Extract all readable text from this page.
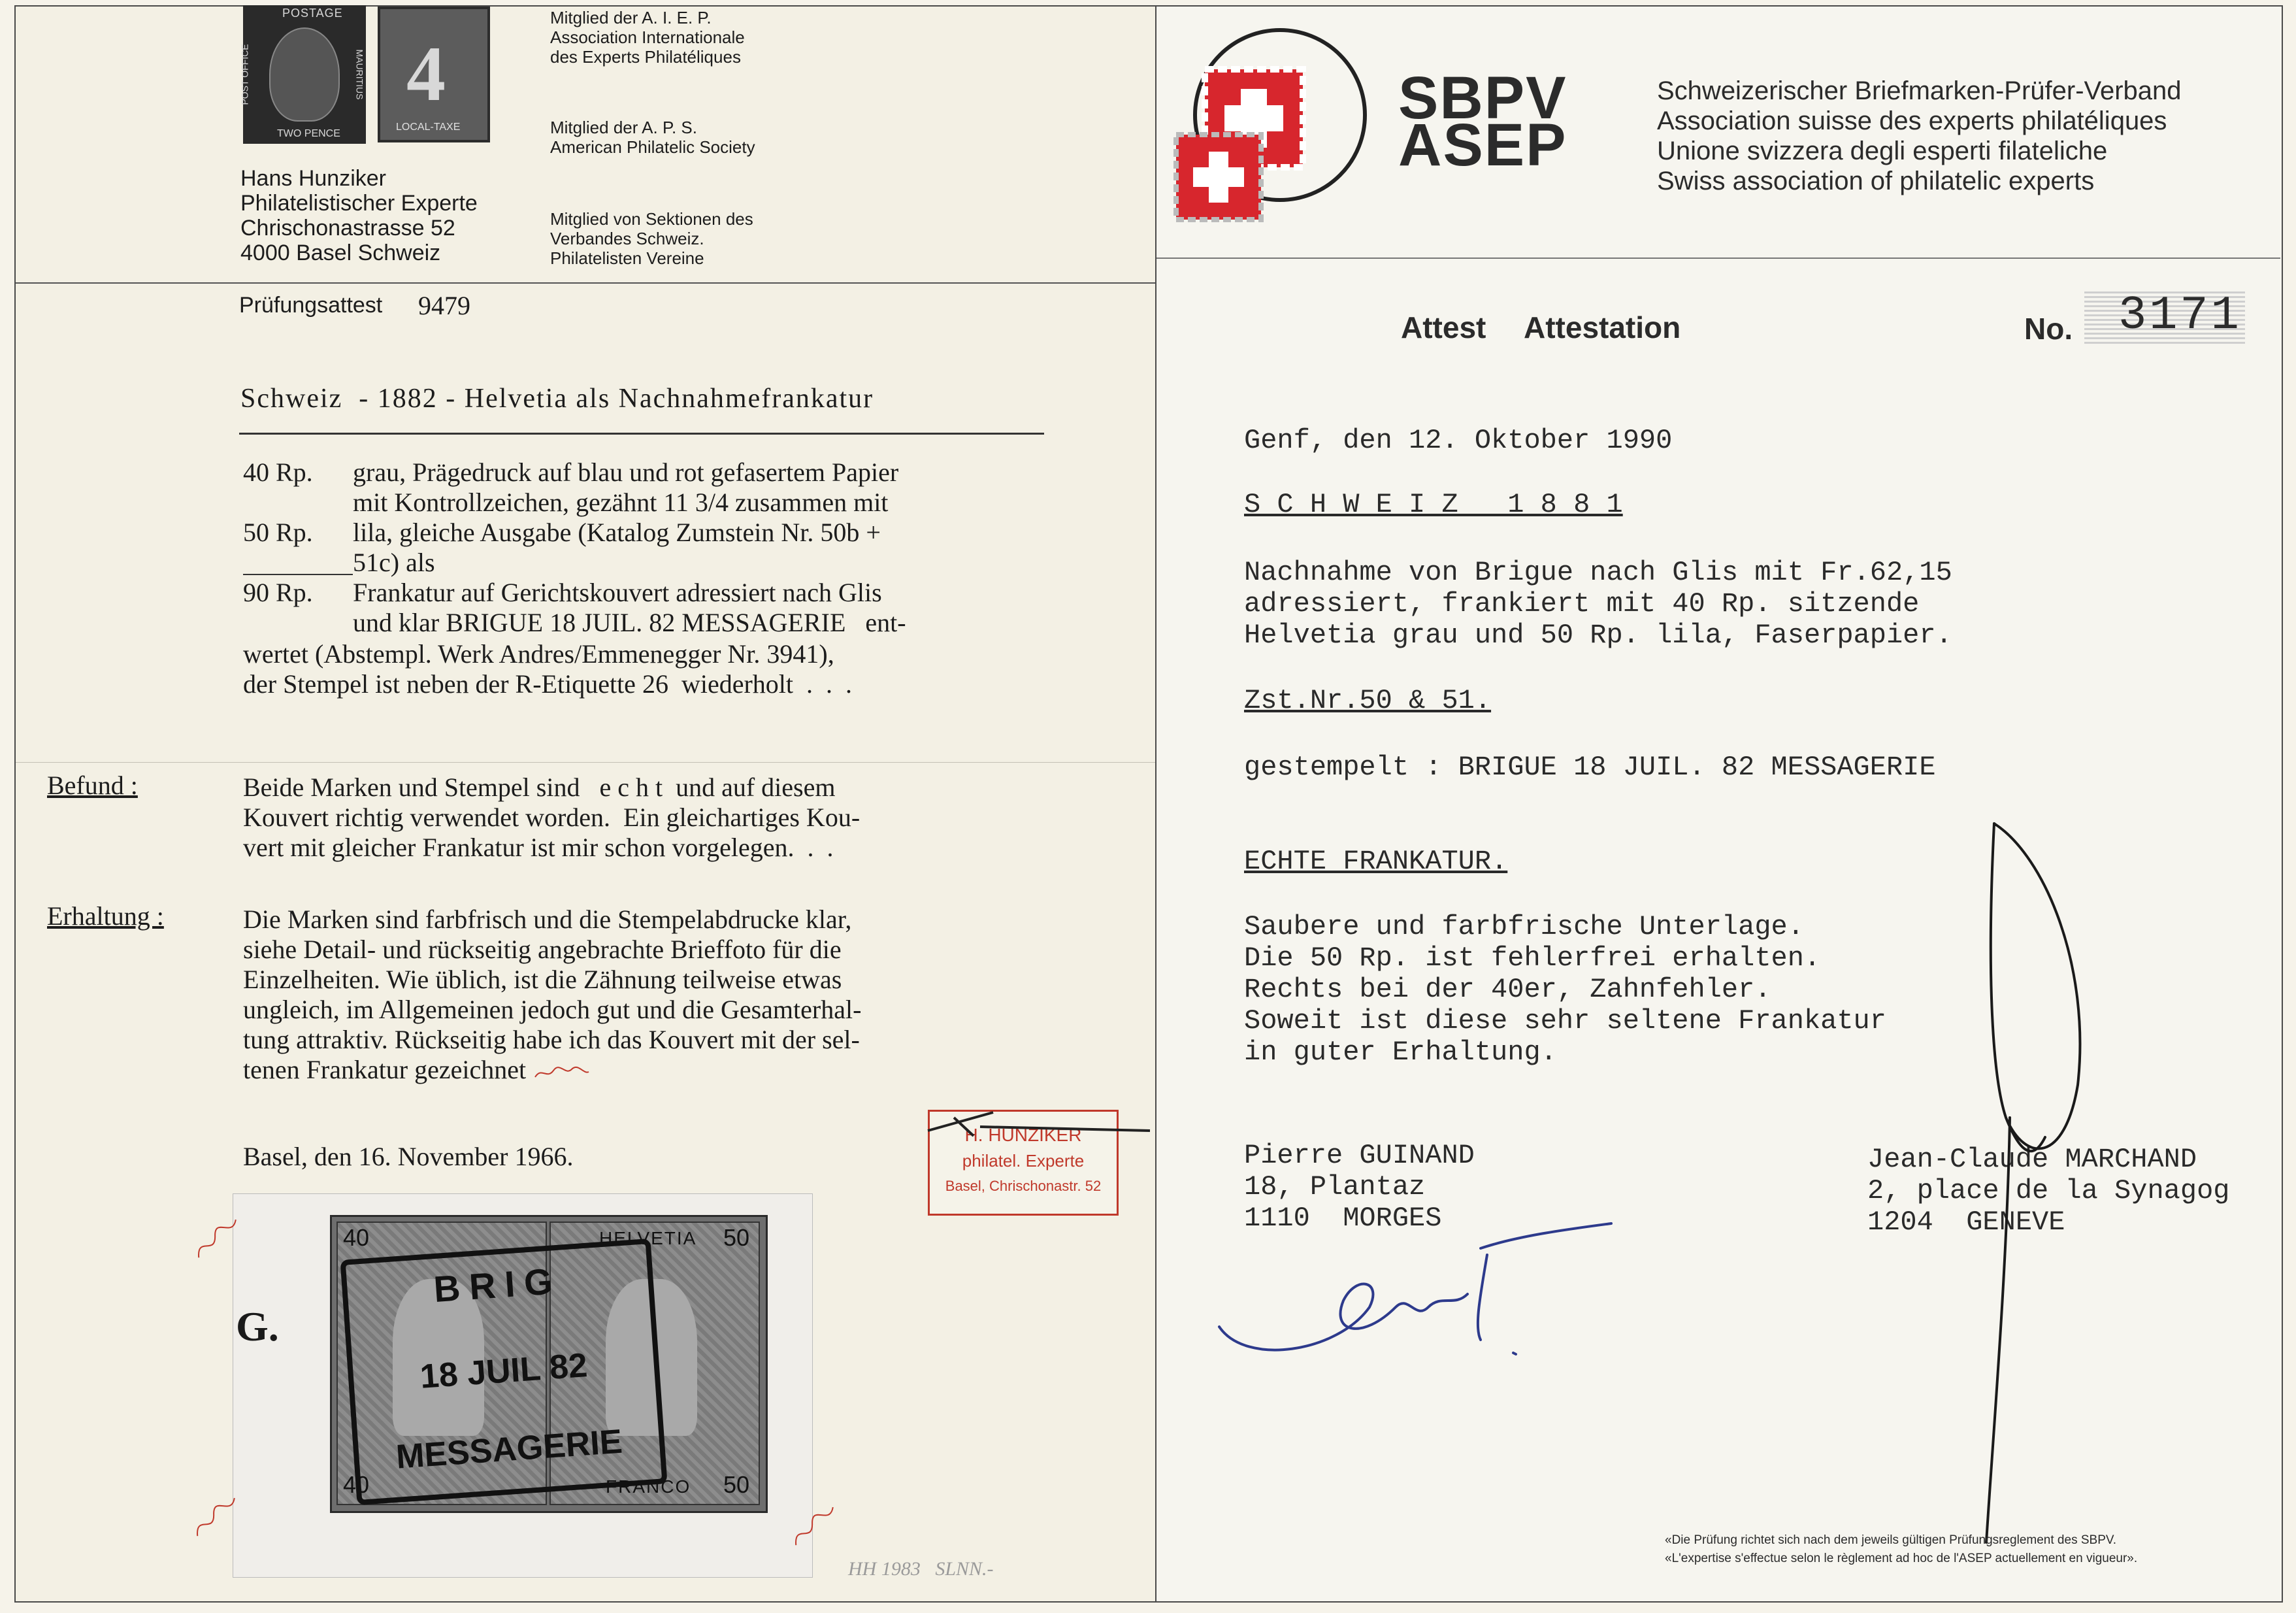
POSTAGE
POST OFFICE	MAURITIUS
TWO PENCE
4
LOCAL-TAXE
Mitglied der A. I. E. P.
Association Internationale
des Experts Philatéliques
Mitglied der A. P. S.
American Philatelic Society
Mitglied von Sektionen des
Verbandes Schweiz.
Philatelisten Vereine
Hans Hunziker
Philatelistischer Experte
Chrischonastrasse 52
4000 Basel Schweiz
Prüfungsattest 9479
Schweiz  - 1882 - Helvetia als Nachnahmefrankatur
40 Rp. grau, Prägedruck auf blau und rot gefasertem Papier
mit Kontrollzeichen, gezähnt 11 3/4 zusammen mit
50 Rp. lila, gleiche Ausgabe (Katalog Zumstein Nr. 50b +
51c) als
90 Rp. Frankatur auf Gerichtskouvert adressiert nach Glis
und klar BRIGUE 18 JUIL. 82 MESSAGERIE   ent-
wertet (Abstempl. Werk Andres/Emmenegger Nr. 3941),
der Stempel ist neben der R-Etiquette 26  wiederholt  .  .  .
Befund :	Beide Marken und Stempel sind   e c h t  und auf diesem
Kouvert richtig verwendet worden.  Ein gleichartiges Kou-
vert mit gleicher Frankatur ist mir schon vorgelegen.  .  .
Erhaltung :	Die Marken sind farbfrisch und die Stempelabdrucke klar,
siehe Detail- und rückseitig angebrachte Brieffoto für die
Einzelheiten. Wie üblich, ist die Zähnung teilweise etwas
ungleich, im Allgemeinen jedoch gut und die Gesamterhal-
tung attraktiv. Rückseitig habe ich das Kouvert mit der sel-
tenen Frankatur gezeichnet
Basel, den 16. November 1966.
H. HUNZIKER
philatel. Experte
Basel, Chrischonastr. 52
G.
40	50
HELVETIA
FRANCO
40	50
BRIG
18 JUIL 82
MESSAGERIE
HH 1983   SLNN.-
SBPV
ASEP
Schweizerischer Briefmarken-Prüfer-Verband
Association suisse des experts philatéliques
Unione svizzera degli esperti filateliche
Swiss association of philatelic experts
Attest Attestation	No. 3171
Genf, den 12. Oktober 1990
S C H W E I Z   1 8 8 1
Nachnahme von Brigue nach Glis mit Fr.62,15
adressiert, frankiert mit 40 Rp. sitzende
Helvetia grau und 50 Rp. lila, Faserpapier.
Zst.Nr.50 & 51.
gestempelt : BRIGUE 18 JUIL. 82 MESSAGERIE
ECHTE FRANKATUR.
Saubere und farbfrische Unterlage.
Die 50 Rp. ist fehlerfrei erhalten.
Rechts bei der 40er, Zahnfehler.
Soweit ist diese sehr seltene Frankatur
in guter Erhaltung.
Pierre GUINAND
18, Plantaz
1110  MORGES
Jean-Claude MARCHAND
2, place de la Synagog
1204  GENEVE
«Die Prüfung richtet sich nach dem jeweils gültigen Prüfungsreglement des SBPV.
«L'expertise s'effectue selon le règlement ad hoc de l'ASEP actuellement en vigueur».
